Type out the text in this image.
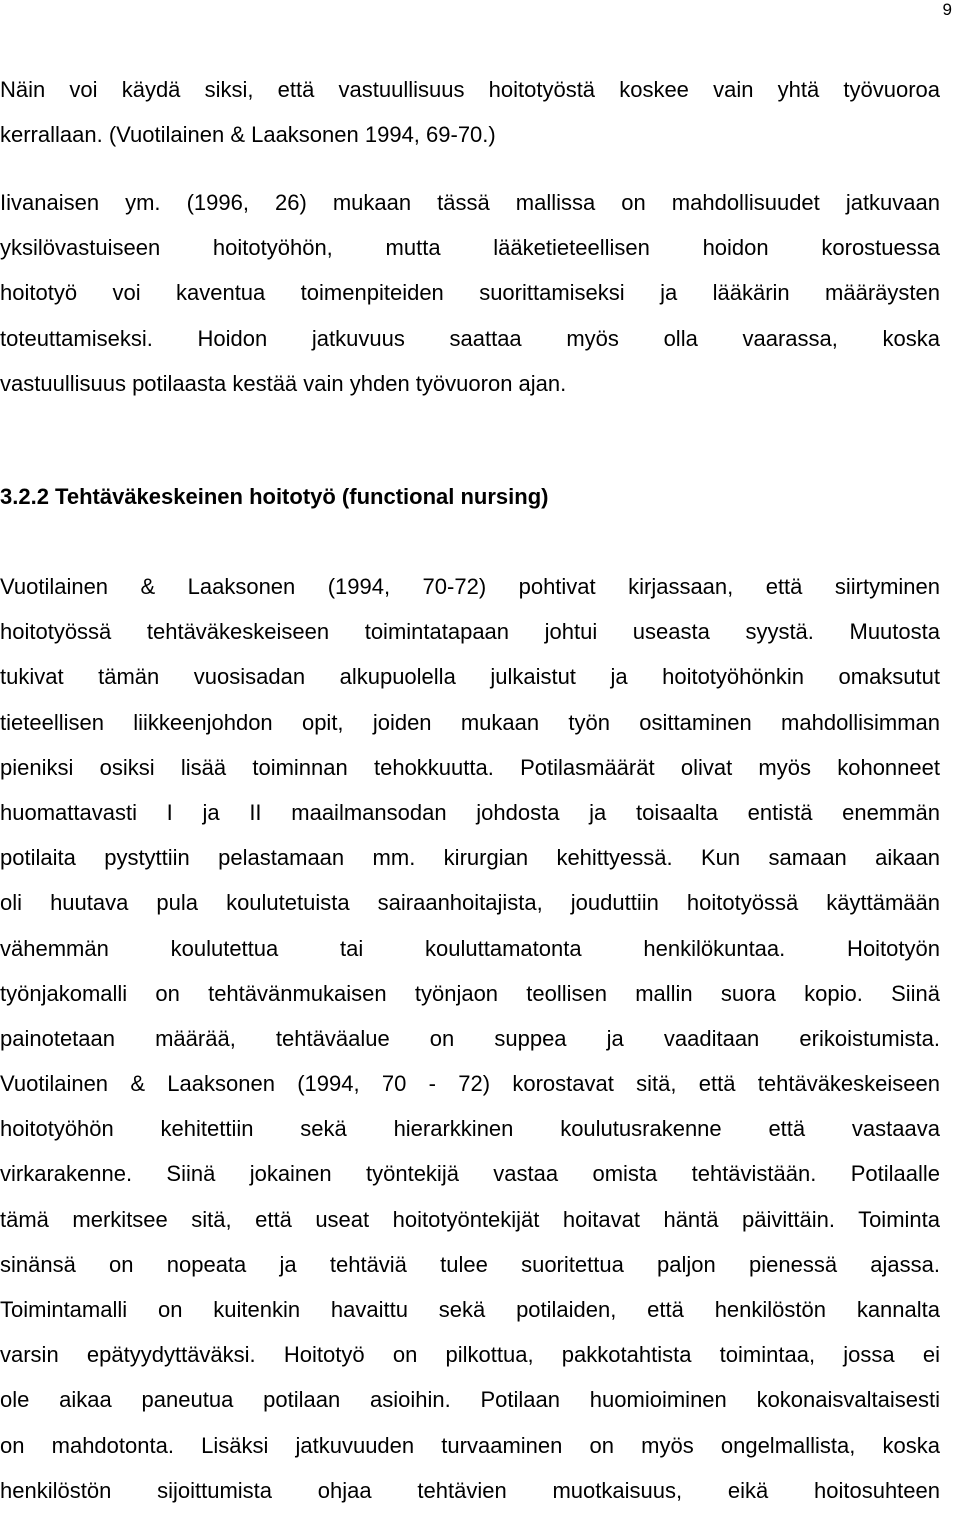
9
Näin voi käydä siksi, että vastuullisuus hoitotyöstä koskee vain yhtä työvuoroa
kerrallaan. (Vuotilainen & Laaksonen 1994, 69-70.)
Iivanaisen ym. (1996, 26) mukaan tässä mallissa on mahdollisuudet jatkuvaan
yksilövastuiseen hoitotyöhön, mutta lääketieteellisen hoidon korostuessa
hoitotyö voi kaventua toimenpiteiden suorittamiseksi ja lääkärin määräysten
toteuttamiseksi. Hoidon jatkuvuus saattaa myös olla vaarassa, koska
vastuullisuus potilaasta kestää vain yhden työvuoron ajan.
3.2.2 Tehtäväkeskeinen hoitotyö (functional nursing)
Vuotilainen & Laaksonen (1994, 70-72) pohtivat kirjassaan, että siirtyminen
hoitotyössä tehtäväkeskeiseen toimintatapaan johtui useasta syystä. Muutosta
tukivat tämän vuosisadan alkupuolella julkaistut ja hoitotyöhönkin omaksutut
tieteellisen liikkeenjohdon opit, joiden mukaan työn osittaminen mahdollisimman
pieniksi osiksi lisää toiminnan tehokkuutta. Potilasmäärät olivat myös kohonneet
huomattavasti I ja II maailmansodan johdosta ja toisaalta entistä enemmän
potilaita pystyttiin pelastamaan mm. kirurgian kehittyessä. Kun samaan aikaan
oli huutava pula koulutetuista sairaanhoitajista, jouduttiin hoitotyössä käyttämään
vähemmän koulutettua tai kouluttamatonta henkilökuntaa. Hoitotyön
työnjakomalli on tehtävänmukaisen työnjaon teollisen mallin suora kopio. Siinä
painotetaan määrää, tehtäväalue on suppea ja vaaditaan erikoistumista.
Vuotilainen & Laaksonen (1994, 70 - 72) korostavat sitä, että tehtäväkeskeiseen
hoitotyöhön kehitettiin sekä hierarkkinen koulutusrakenne että vastaava
virkarakenne. Siinä jokainen työntekijä vastaa omista tehtävistään. Potilaalle
tämä merkitsee sitä, että useat hoitotyöntekijät hoitavat häntä päivittäin. Toiminta
sinänsä on nopeata ja tehtäviä tulee suoritettua paljon pienessä ajassa.
Toimintamalli on kuitenkin havaittu sekä potilaiden, että henkilöstön kannalta
varsin epätyydyttäväksi. Hoitotyö on pilkottua, pakkotahtista toimintaa, jossa ei
ole aikaa paneutua potilaan asioihin. Potilaan huomioiminen kokonaisvaltaisesti
on mahdotonta. Lisäksi jatkuvuuden turvaaminen on myös ongelmallista, koska
henkilöstön sijoittumista ohjaa tehtävien muotkaisuus, eikä hoitosuhteen
